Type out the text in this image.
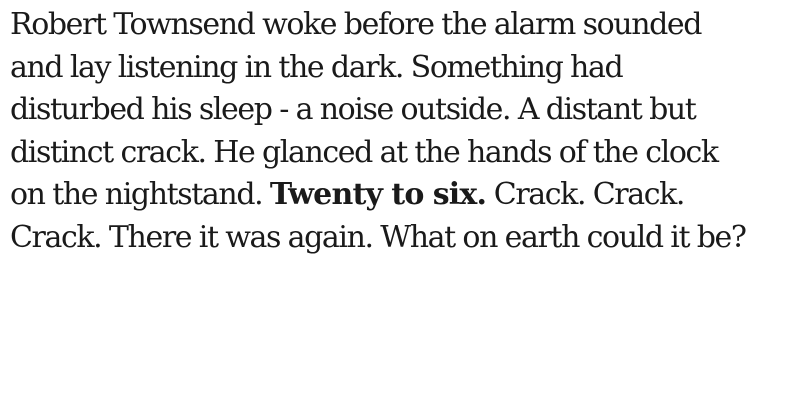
Robert Townsend woke before the alarm sounded
and lay listening in the dark. Something had
disturbed his sleep - a noise outside. A distant but
distinct crack. He glanced at the hands of the clock
on the nightstand. Twenty to six. Crack. Crack.
Crack. There it was again. What on earth could it be?
